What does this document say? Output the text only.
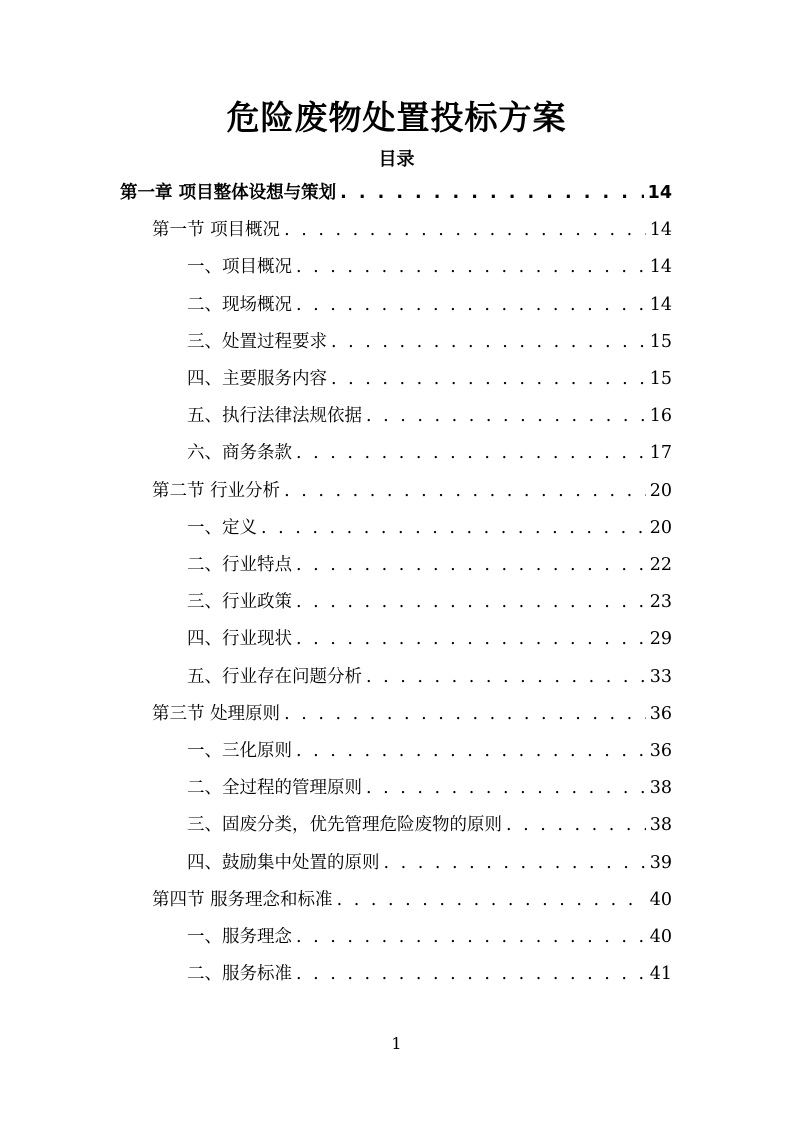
危险废物处置投标方案
目录
第一章 项目整体设想与策划 . . .	14
第一节 项目概况 . . .	14
一、项目概况 . . .	14
二、现场概况 . . .	14
三、处置过程要求 . . .	15
四、主要服务内容 . . .	15
五、执行法律法规依据 . . .	16
六、商务条款 . . .	17
第二节 行业分析 . . .	20
一、定义 . . .	20
二、行业特点 . . .	22
三、行业政策 . . .	23
四、行业现状 . . .	29
五、行业存在问题分析 . . .	33
第三节 处理原则 . . .	36
一、三化原则 . . .	36
二、全过程的管理原则 . . .	38
三、固废分类，优先管理危险废物的原则 . . .	38
四、鼓励集中处置的原则 . . .	39
第四节 服务理念和标准 . . .	40
一、服务理念 . . .	40
二、服务标准 . . .	41
1
